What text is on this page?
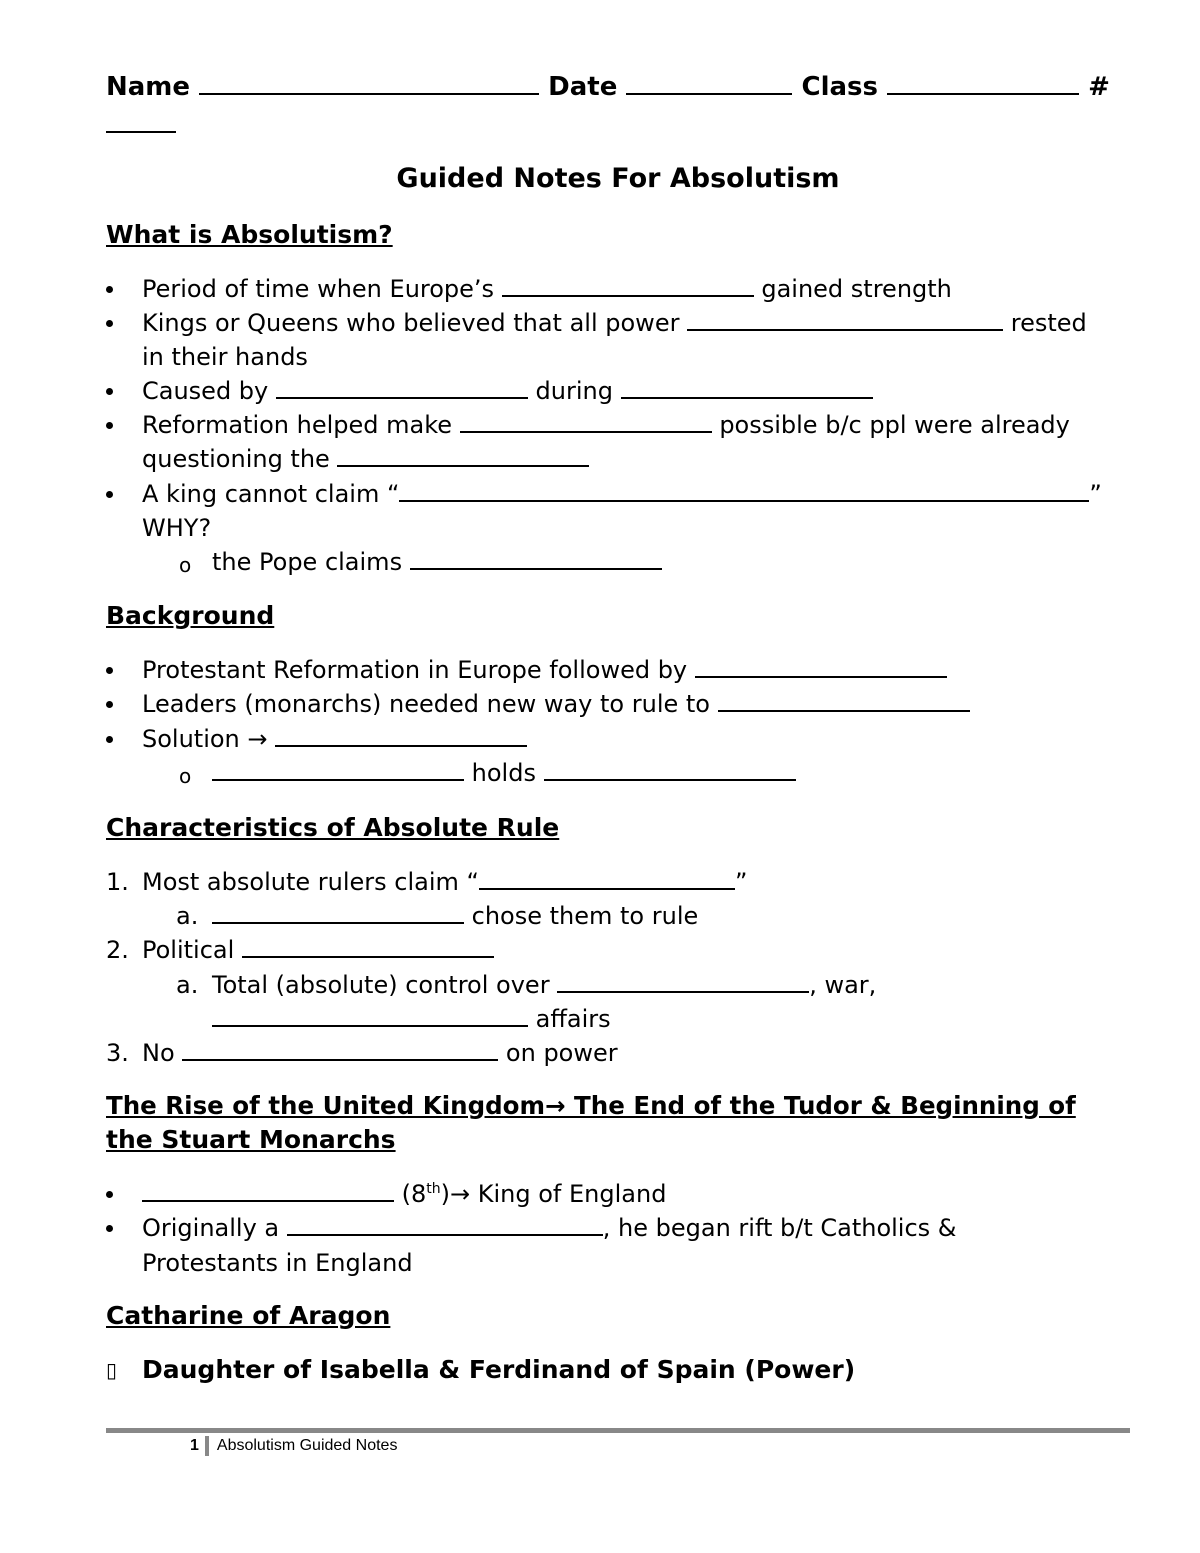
Name	Date	Class	#
Guided Notes For Absolutism
What is Absolutism?
Period of time when Europe’s	gained strength
Kings or Queens who believed that all power	rested
in their hands
Caused by	during
Reformation helped make	possible b/c ppl were already
questioning the
A king cannot claim “	”
WHY?
o the Pope claims
Background
Protestant Reformation in Europe followed by
Leaders (monarchs) needed new way to rule to
Solution →
o	holds
Characteristics of Absolute Rule
1. Most absolute rulers claim “	”
a.	chose them to rule
2. Political
a. Total (absolute) control over	, war,
affairs
3. No	on power
The Rise of the United Kingdom→ The End of the Tudor & Beginning of
the Stuart Monarchs
(8th)→ King of England
Originally a	, he began rift b/t Catholics &
Protestants in England
Catharine of Aragon
▯ Daughter of Isabella & Ferdinand of Spain (Power)
1 Absolutism Guided Notes
